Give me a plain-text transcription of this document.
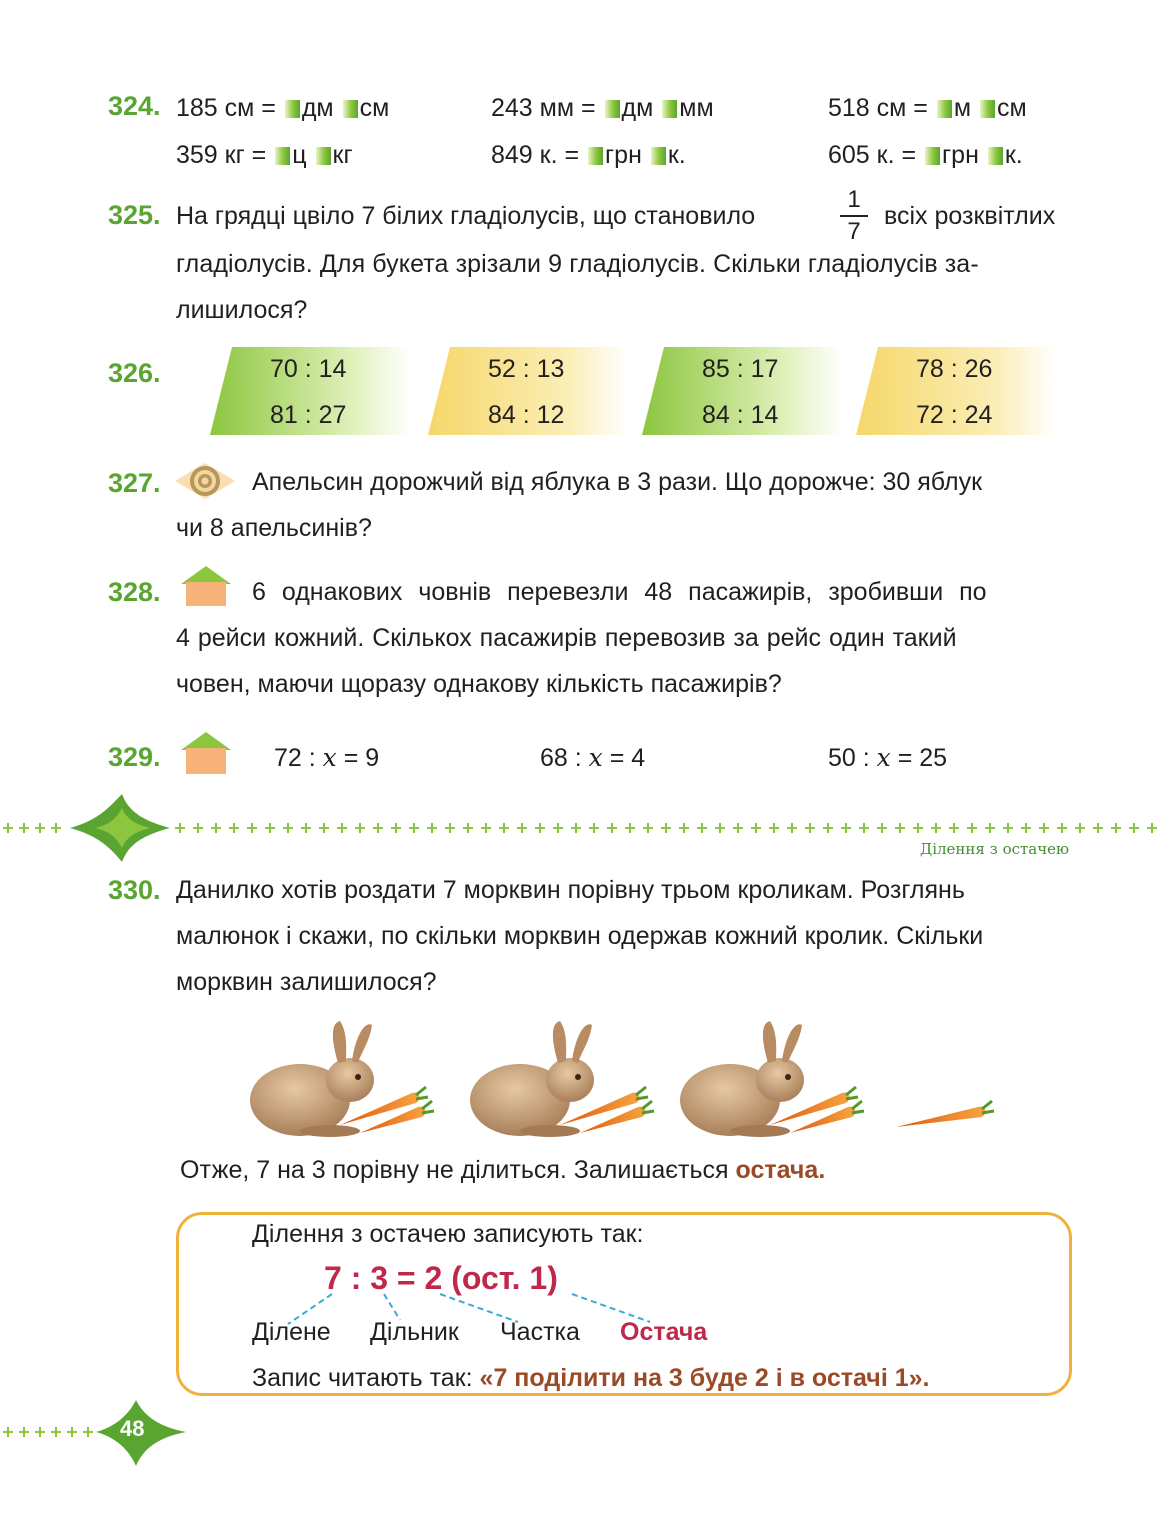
324. 185 см = дм см	243 мм = дм мм	518 см = м см
359 кг = ц кг	849 к. = грн к.	605 к. = грн к.
325. На грядці цвіло 7 білих гладіолусів, що становило
1
7
всіх розквітлих
гладіолусів. Для букета зрізали 9 гладіолусів. Скільки гладіолусів за-
лишилося?
326.	70 : 14
81 : 27
52 : 13
84 : 12
85 : 17
84 : 14
78 : 26
72 : 24
327.	Апельсин дорожчий від яблука в 3 рази. Що дорожче: 30 яблук
чи 8 апельсинів?
328.	6 однакових човнів перевезли 48 пасажирів, зробивши по
4 рейси кожний. Скількох пасажирів перевозив за рейс один такий
човен, маючи щоразу однакову кількість пасажирів?
329.	72 : x = 9	68 : x = 4	50 : x = 25
Ділення з остачею
330. Данилко хотів роздати 7 морквин порівну трьом кроликам. Розглянь
малюнок і скажи, по скільки морквин одержав кожний кролик. Скільки
морквин залишилося?
Отже, 7 на 3 порівну не ділиться. Залишається остача.
Ділення з остачею записують так:
7 : 3 = 2 (ост. 1)
Ділене Дільник Частка Остача
Запис читають так: «7 поділити на 3 буде 2 і в остачі 1».
48
